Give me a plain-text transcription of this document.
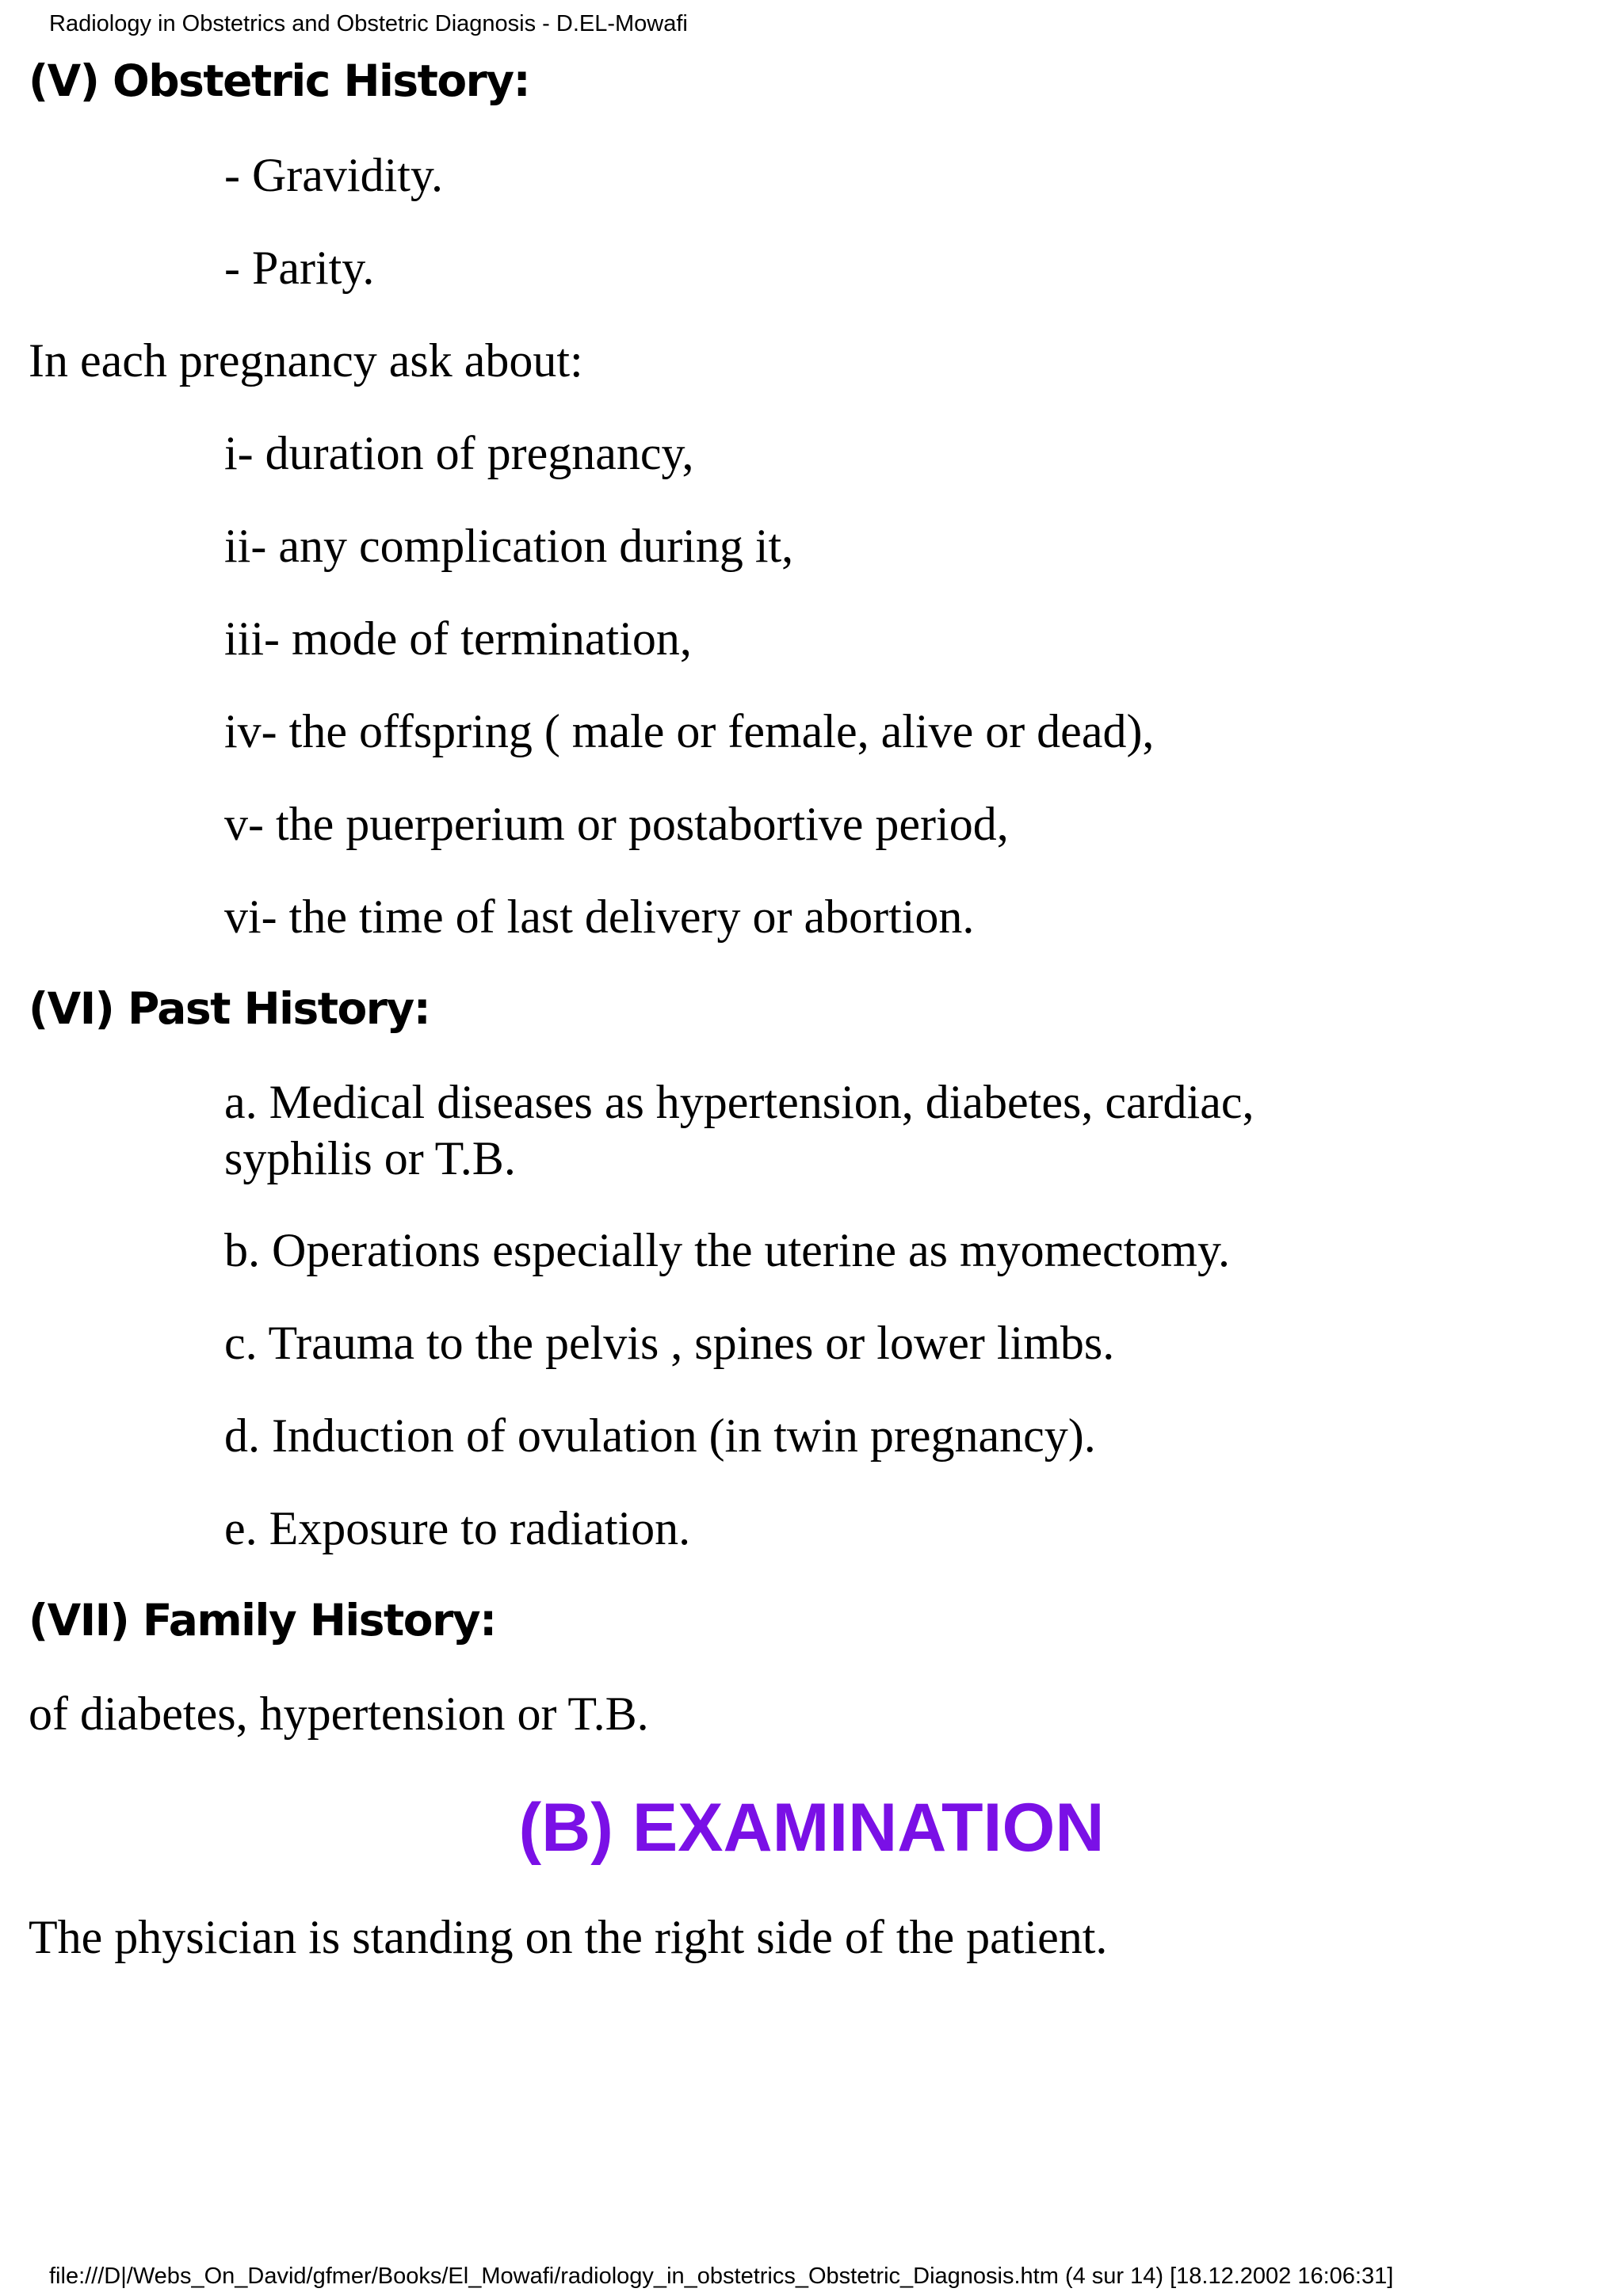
Radiology in Obstetrics and Obstetric Diagnosis - D.EL-Mowafi
(V) Obstetric History:
- Gravidity.
- Parity.
In each pregnancy ask about:
i- duration of pregnancy,
ii- any complication during it,
iii- mode of termination,
iv- the offspring ( male or female, alive or dead),
v- the puerperium or postabortive period,
vi- the time of last delivery or abortion.
(VI) Past History:
a. Medical diseases as hypertension, diabetes, cardiac,
syphilis or T.B.
b. Operations especially the uterine as myomectomy.
c. Trauma to the pelvis , spines or lower limbs.
d. Induction of ovulation (in twin pregnancy).
e. Exposure to radiation.
(VII) Family History:
of diabetes, hypertension or T.B.
(B) EXAMINATION
The physician is standing on the right side of the patient.
file:///D|/Webs_On_David/gfmer/Books/El_Mowafi/radiology_in_obstetrics_Obstetric_Diagnosis.htm (4 sur 14) [18.12.2002 16:06:31]
